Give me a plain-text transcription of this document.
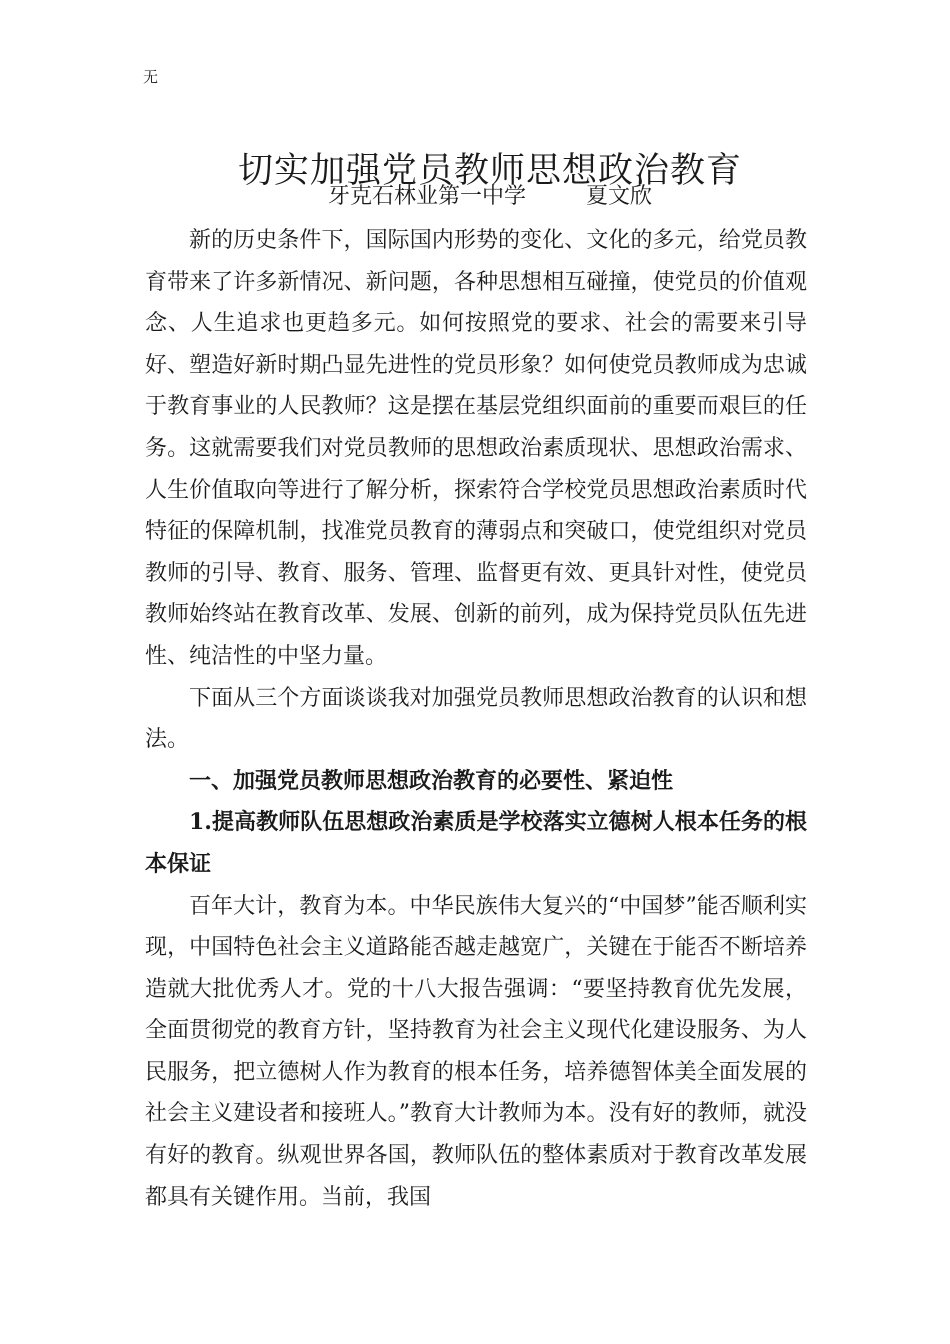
无
切实加强党员教师思想政治教育
牙克石林业第一中学	夏文欣

新的历史条件下，国际国内形势的变化、文化的多元，给党员教育带来了许多新情况、新问题，各种思想相互碰撞，使党员的价值观念、人生追求也更趋多元。如何按照党的要求、社会的需要来引导好、塑造好新时期凸显先进性的党员形象？如何使党员教师成为忠诚于教育事业的人民教师？这是摆在基层党组织面前的重要而艰巨的任务。这就需要我们对党员教师的思想政治素质现状、思想政治需求、人生价值取向等进行了解分析，探索符合学校党员思想政治素质时代特征的保障机制，找准党员教育的薄弱点和突破口，使党组织对党员教师的引导、教育、服务、管理、监督更有效、更具针对性，使党员教师始终站在教育改革、发展、创新的前列，成为保持党员队伍先进性、纯洁性的中坚力量。

下面从三个方面谈谈我对加强党员教师思想政治教育的认识和想法。

一、加强党员教师思想政治教育的必要性、紧迫性

1.提高教师队伍思想政治素质是学校落实立德树人根本任务的根本保证

百年大计，教育为本。中华民族伟大复兴的“中国梦”能否顺利实现，中国特色社会主义道路能否越走越宽广，关键在于能否不断培养造就大批优秀人才。党的十八大报告强调：“要坚持教育优先发展，全面贯彻党的教育方针，坚持教育为社会主义现代化建设服务、为人民服务，把立德树人作为教育的根本任务，培养德智体美全面发展的社会主义建设者和接班人。”教育大计教师为本。没有好的教师，就没有好的教育。纵观世界各国，教师队伍的整体素质对于教育改革发展都具有关键作用。当前，我国
